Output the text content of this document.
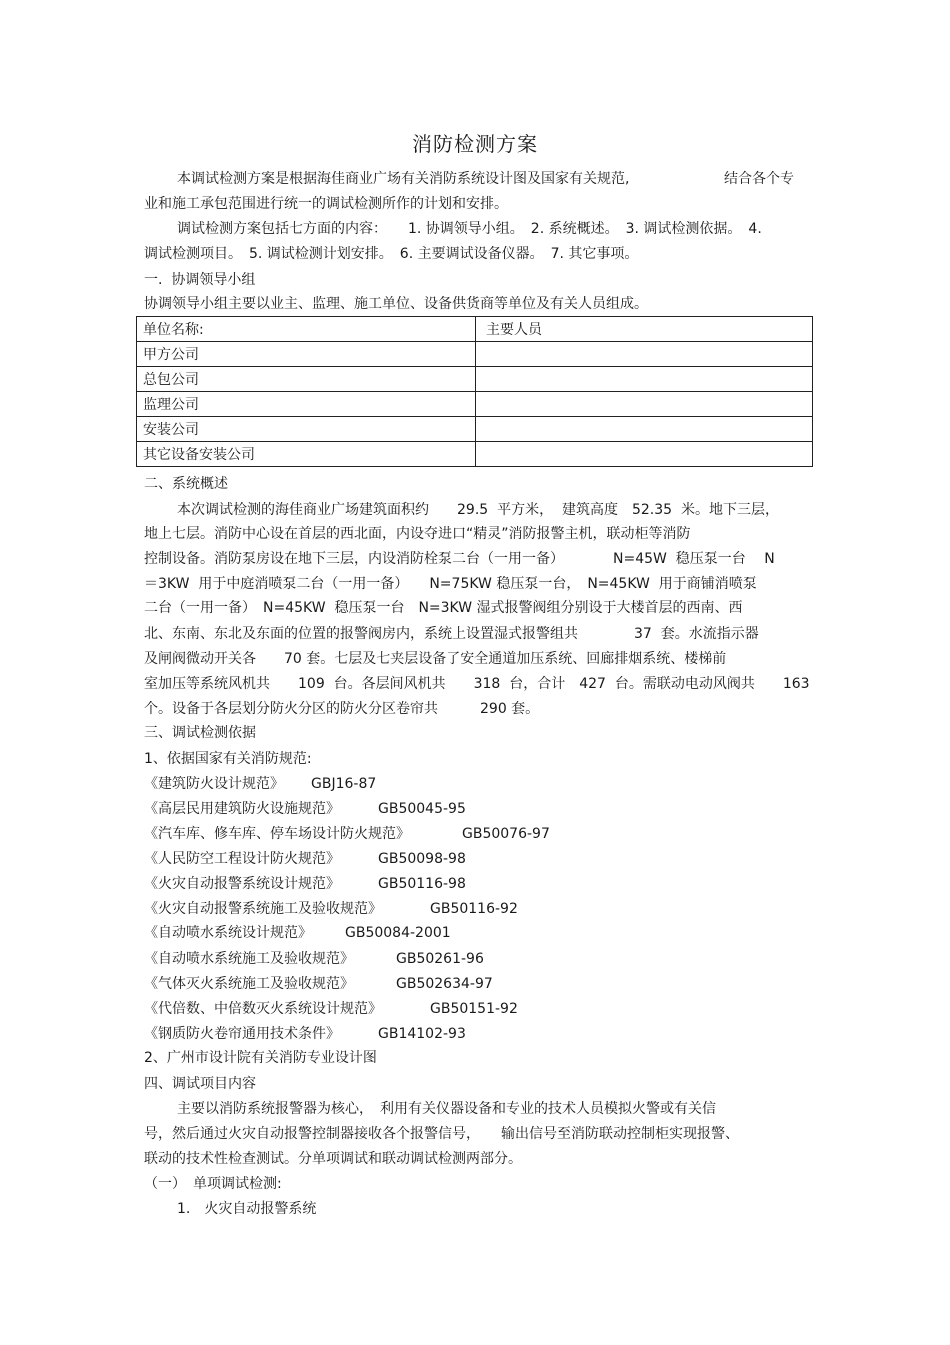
消防检测方案
本调试检测方案是根据海佳商业广场有关消防系统设计图及国家有关规范,	结合各个专
业和施工承包范围进行统一的调试检测所作的计划和安排。
调试检测方案包括七方面的内容：　　1. 协调领导小组。　2. 系统概述。　3. 调试检测依据。　4.
调试检测项目。　5. 调试检测计划安排。　6. 主要调试设备仪器。　7. 其它事项。
一.  协调领导小组
协调领导小组主要以业主、监理、施工单位、设备供货商等单位及有关人员组成。
单位名称:	主要人员
甲方公司	
总包公司	
监理公司	
安装公司	
其它设备安装公司	
二、系统概述
本次调试检测的海佳商业广场建筑面积约　　29.5  平方米，  建筑高度　52.35  米。地下三层，
地上七层。消防中心设在首层的西北面，内设夺进口“精灵”消防报警主机，联动柜等消防
控制设备。消防泵房设在地下三层，内设消防栓泵二台（一用一备）　　　　N=45W  稳压泵一台　 N
＝3KW  用于中庭消喷泵二台（一用一备）　　N=75KW 稳压泵一台，　N=45KW  用于商铺消喷泵
二台（一用一备）　N=45KW  稳压泵一台　N=3KW 湿式报警阀组分别设于大楼首层的西南、西
北、东南、东北及东面的位置的报警阀房内，系统上设置湿式报警组共　　　　37  套。水流指示器
及闸阀微动开关各　　70 套。七层及七夹层设备了安全通道加压系统、回廊排烟系统、楼梯前
室加压等系统风机共　　109  台。各层间风机共　　318  台，合计　427  台。需联动电动风阀共　　163
个。设备于各层划分防火分区的防火分区卷帘共　　　290 套。
三、调试检测依据
1、依据国家有关消防规范:
《建筑防火设计规范》 GBJ16-87
《高层民用建筑防火设施规范》	GB50045-95
《汽车库、修车库、停车场设计防火规范》	GB50076-97
《人民防空工程设计防火规范》	GB50098-98
《火灾自动报警系统设计规范》	GB50116-98
《火灾自动报警系统施工及验收规范》	GB50116-92
《自动喷水系统设计规范》 GB50084-2001
《自动喷水系统施工及验收规范》	GB50261-96
《气体灭火系统施工及验收规范》	GB502634-97
《代倍数、中倍数灭火系统设计规范》	GB50151-92
《钢质防火卷帘通用技术条件》	GB14102-93
2、广州市设计院有关消防专业设计图
四、调试项目内容
主要以消防系统报警器为核心，　利用有关仪器设备和专业的技术人员模拟火警或有关信
号，然后通过火灾自动报警控制器接收各个报警信号，　　输出信号至消防联动控制柜实现报警、
联动的技术性检查测试。分单项调试和联动调试检测两部分。
（一）　单项调试检测:
1.　火灾自动报警系统
